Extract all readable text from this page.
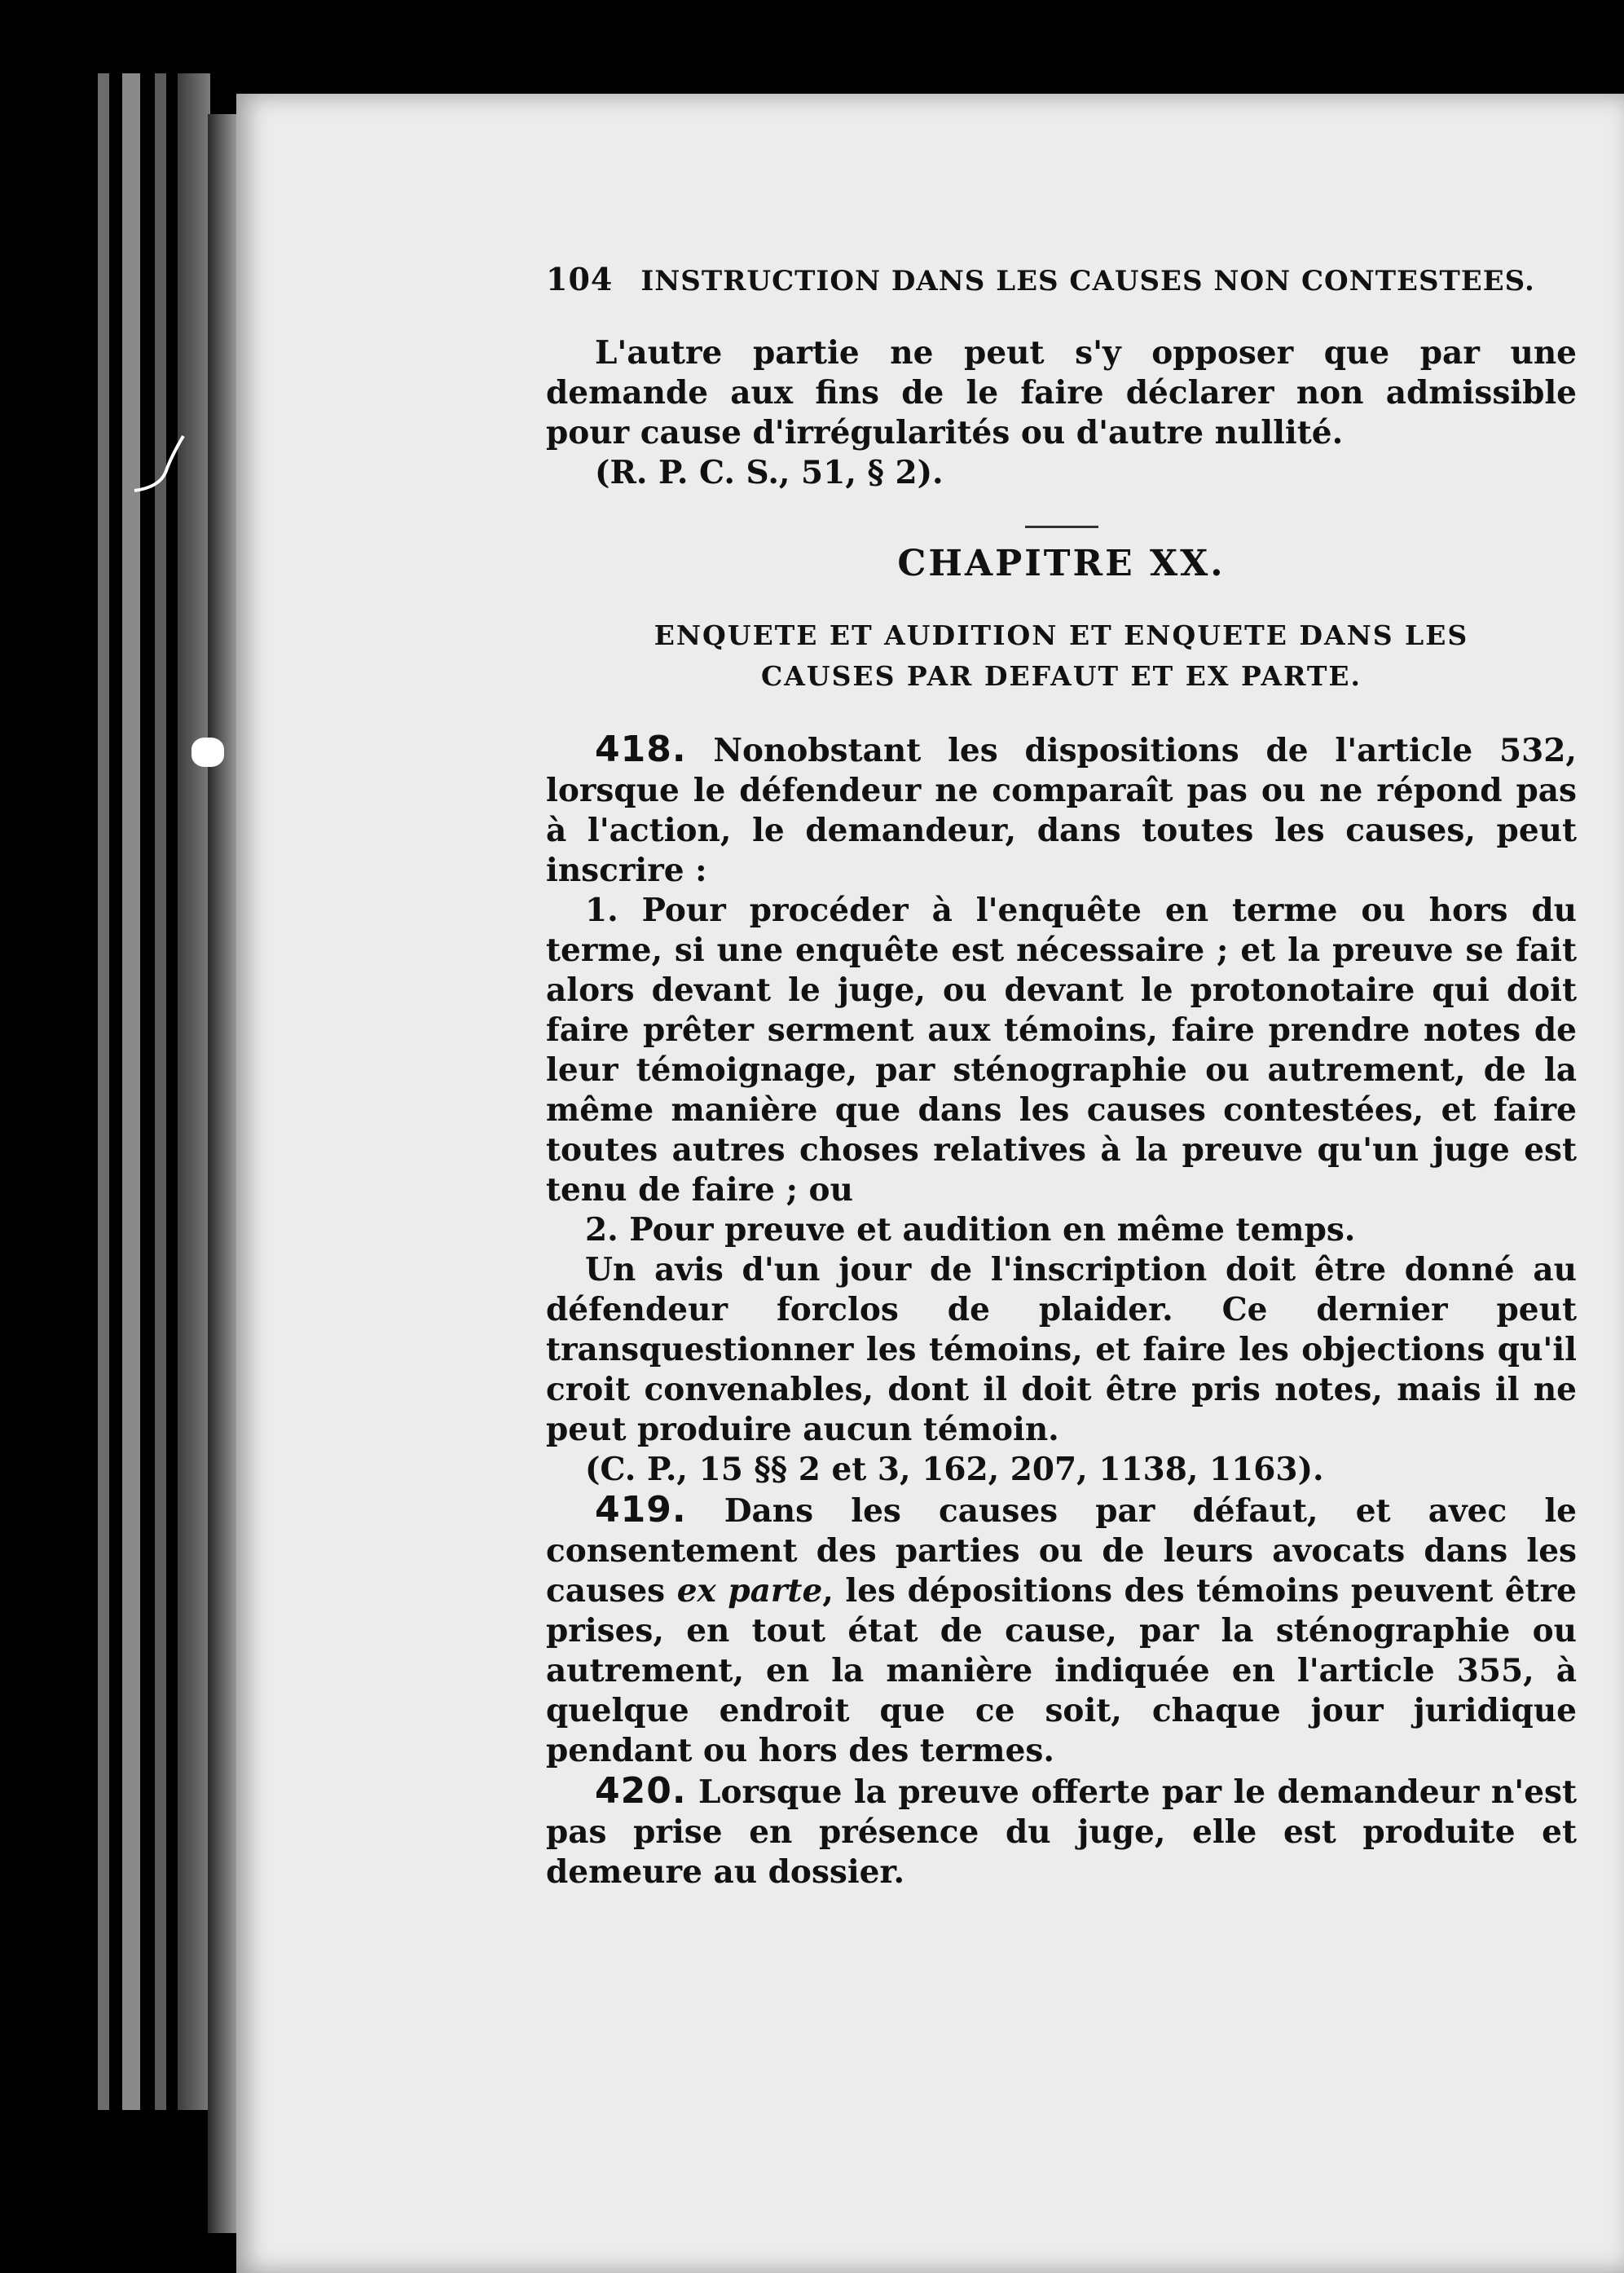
104 INSTRUCTION DANS LES CAUSES NON CONTESTEES.

L'autre partie ne peut s'y opposer que par une demande aux fins de le faire déclarer non admissible pour cause d'irrégularités ou d'autre nullité.

(R. P. C. S., 51, § 2).

CHAPITRE XX.
ENQUETE ET AUDITION ET ENQUETE DANS LES
CAUSES PAR DEFAUT ET EX PARTE.

418. Nonobstant les dispositions de l'article 532, lorsque le défendeur ne comparaît pas ou ne répond pas à l'action, le demandeur, dans toutes les causes, peut inscrire :

1. Pour procéder à l'enquête en terme ou hors du terme, si une enquête est nécessaire ; et la preuve se fait alors devant le juge, ou devant le protonotaire qui doit faire prêter serment aux témoins, faire prendre notes de leur témoignage, par sténographie ou autrement, de la même manière que dans les causes contestées, et faire toutes autres choses relatives à la preuve qu'un juge est tenu de faire ; ou

2. Pour preuve et audition en même temps.

Un avis d'un jour de l'inscription doit être donné au défendeur forclos de plaider. Ce dernier peut transquestionner les témoins, et faire les objections qu'il croit convenables, dont il doit être pris notes, mais il ne peut produire aucun témoin.

(C. P., 15 §§ 2 et 3, 162, 207, 1138, 1163).

419. Dans les causes par défaut, et avec le consentement des parties ou de leurs avocats dans les causes ex parte, les dépositions des témoins peuvent être prises, en tout état de cause, par la sténographie ou autrement, en la manière indiquée en l'article 355, à quelque endroit que ce soit, chaque jour juridique pendant ou hors des termes.

420. Lorsque la preuve offerte par le demandeur n'est pas prise en présence du juge, elle est produite et demeure au dossier.
